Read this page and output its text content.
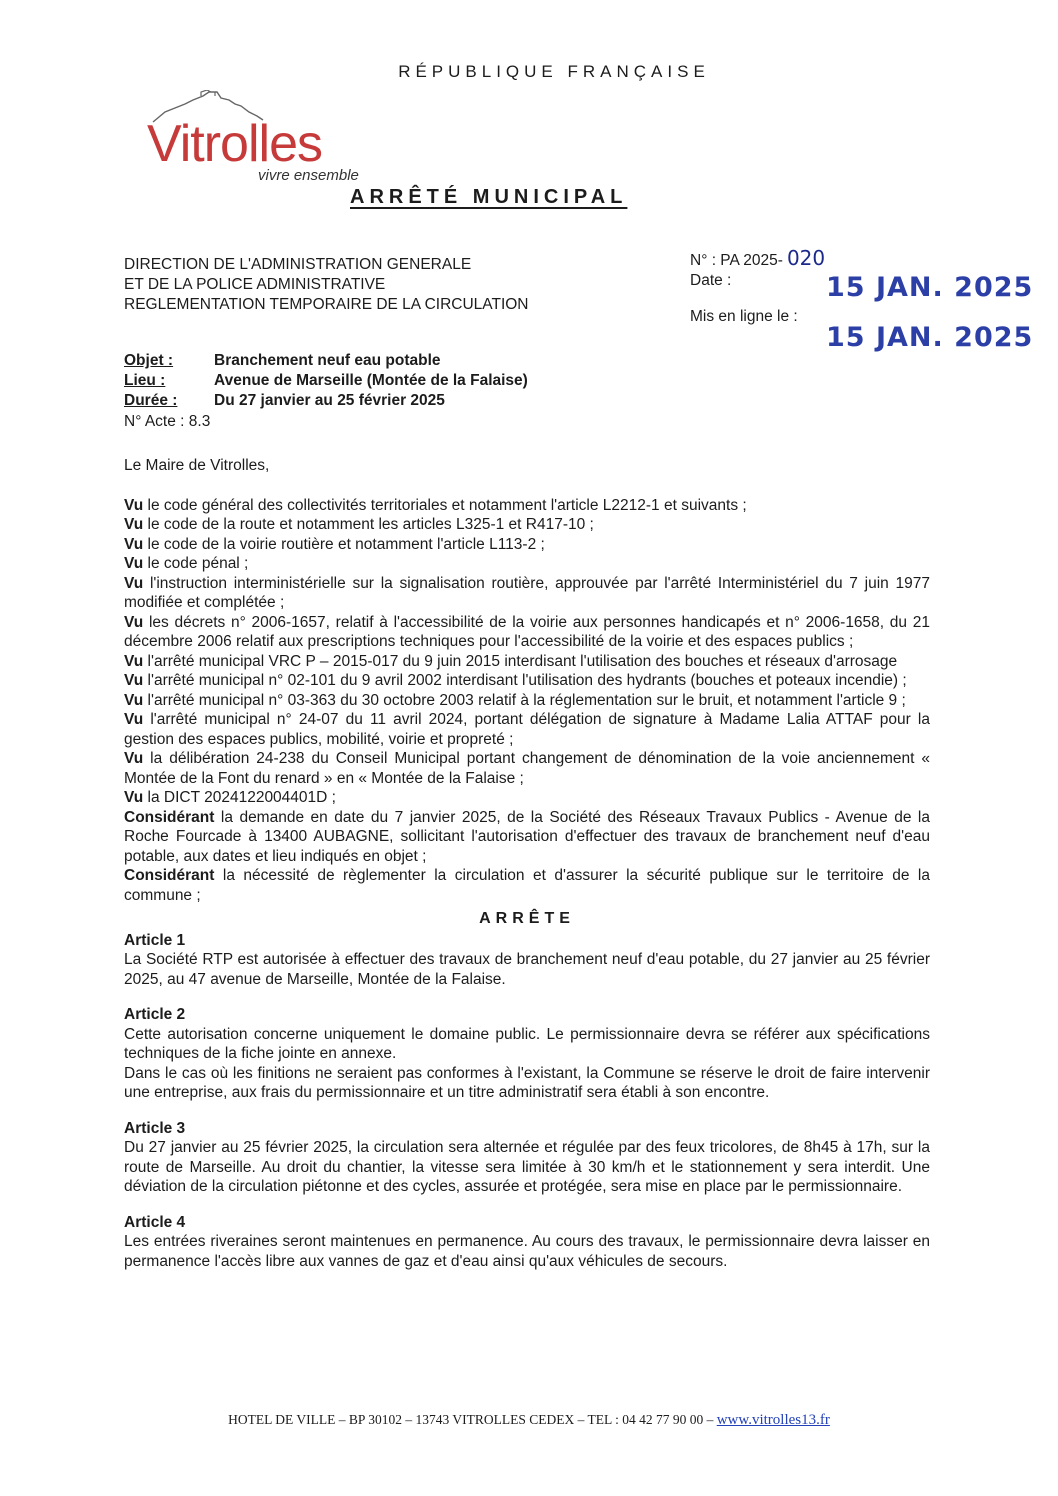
RÉPUBLIQUE FRANÇAISE
Vitrolles
vivre ensemble
ARRÊTÉ MUNICIPAL
DIRECTION DE L'ADMINISTRATION GENERALE
ET DE LA POLICE ADMINISTRATIVE
REGLEMENTATION TEMPORAIRE DE LA CIRCULATION
N° : PA 2025- 020
Date :	15 JAN. 2025
Mis en ligne le :
15 JAN. 2025
Objet :	Branchement neuf eau potable
Lieu :	Avenue de Marseille (Montée de la Falaise)
Durée :	Du 27 janvier au 25 février 2025
N° Acte : 8.3
Le Maire de Vitrolles,
Vu le code général des collectivités territoriales et notamment l'article L2212-1 et suivants ;
Vu le code de la route et notamment les articles L325-1 et R417-10 ;
Vu le code de la voirie routière et notamment l'article L113-2 ;
Vu le code pénal ;
Vu l'instruction interministérielle sur la signalisation routière, approuvée par l'arrêté Interministériel du 7 juin 1977 modifiée et complétée ;
Vu les décrets n° 2006-1657, relatif à l'accessibilité de la voirie aux personnes handicapés et n° 2006-1658, du 21 décembre 2006 relatif aux prescriptions techniques pour l'accessibilité de la voirie et des espaces publics ;
Vu l'arrêté municipal VRC P – 2015-017 du 9 juin 2015 interdisant l'utilisation des bouches et réseaux d'arrosage
Vu l'arrêté municipal n° 02-101 du 9 avril 2002 interdisant l'utilisation des hydrants (bouches et poteaux incendie) ;
Vu l'arrêté municipal n° 03-363 du 30 octobre 2003 relatif à la réglementation sur le bruit, et notamment l'article 9 ;
Vu l'arrêté municipal n° 24-07 du 11 avril 2024, portant délégation de signature à Madame Lalia ATTAF pour la gestion des espaces publics, mobilité, voirie et propreté ;
Vu la délibération 24-238 du Conseil Municipal portant changement de dénomination de la voie anciennement « Montée de la Font du renard » en « Montée de la Falaise ;
Vu la DICT 2024122004401D ;
Considérant la demande en date du 7 janvier 2025, de la Société des Réseaux Travaux Publics - Avenue de la Roche Fourcade à 13400 AUBAGNE, sollicitant l'autorisation d'effectuer des travaux de branchement neuf d'eau potable, aux dates et lieu indiqués en objet ;
Considérant la nécessité de règlementer la circulation et d'assurer la sécurité publique sur le territoire de la commune ;
ARRÊTE
Article 1
La Société RTP est autorisée à effectuer des travaux de branchement neuf d'eau potable, du 27 janvier au 25 février 2025, au 47 avenue de Marseille, Montée de la Falaise.
Article 2
Cette autorisation concerne uniquement le domaine public. Le permissionnaire devra se référer aux spécifications techniques de la fiche jointe en annexe.
Dans le cas où les finitions ne seraient pas conformes à l'existant, la Commune se réserve le droit de faire intervenir une entreprise, aux frais du permissionnaire et un titre administratif sera établi à son encontre.
Article 3
Du 27 janvier au 25 février 2025, la circulation sera alternée et régulée par des feux tricolores, de 8h45 à 17h, sur la route de Marseille. Au droit du chantier, la vitesse sera limitée à 30 km/h et le stationnement y sera interdit. Une déviation de la circulation piétonne et des cycles, assurée et protégée, sera mise en place par le permissionnaire.
Article 4
Les entrées riveraines seront maintenues en permanence. Au cours des travaux, le permissionnaire devra laisser en permanence l'accès libre aux vannes de gaz et d'eau ainsi qu'aux véhicules de secours.
HOTEL DE VILLE – BP 30102 – 13743 VITROLLES CEDEX – TEL : 04 42 77 90 00 – www.vitrolles13.fr
